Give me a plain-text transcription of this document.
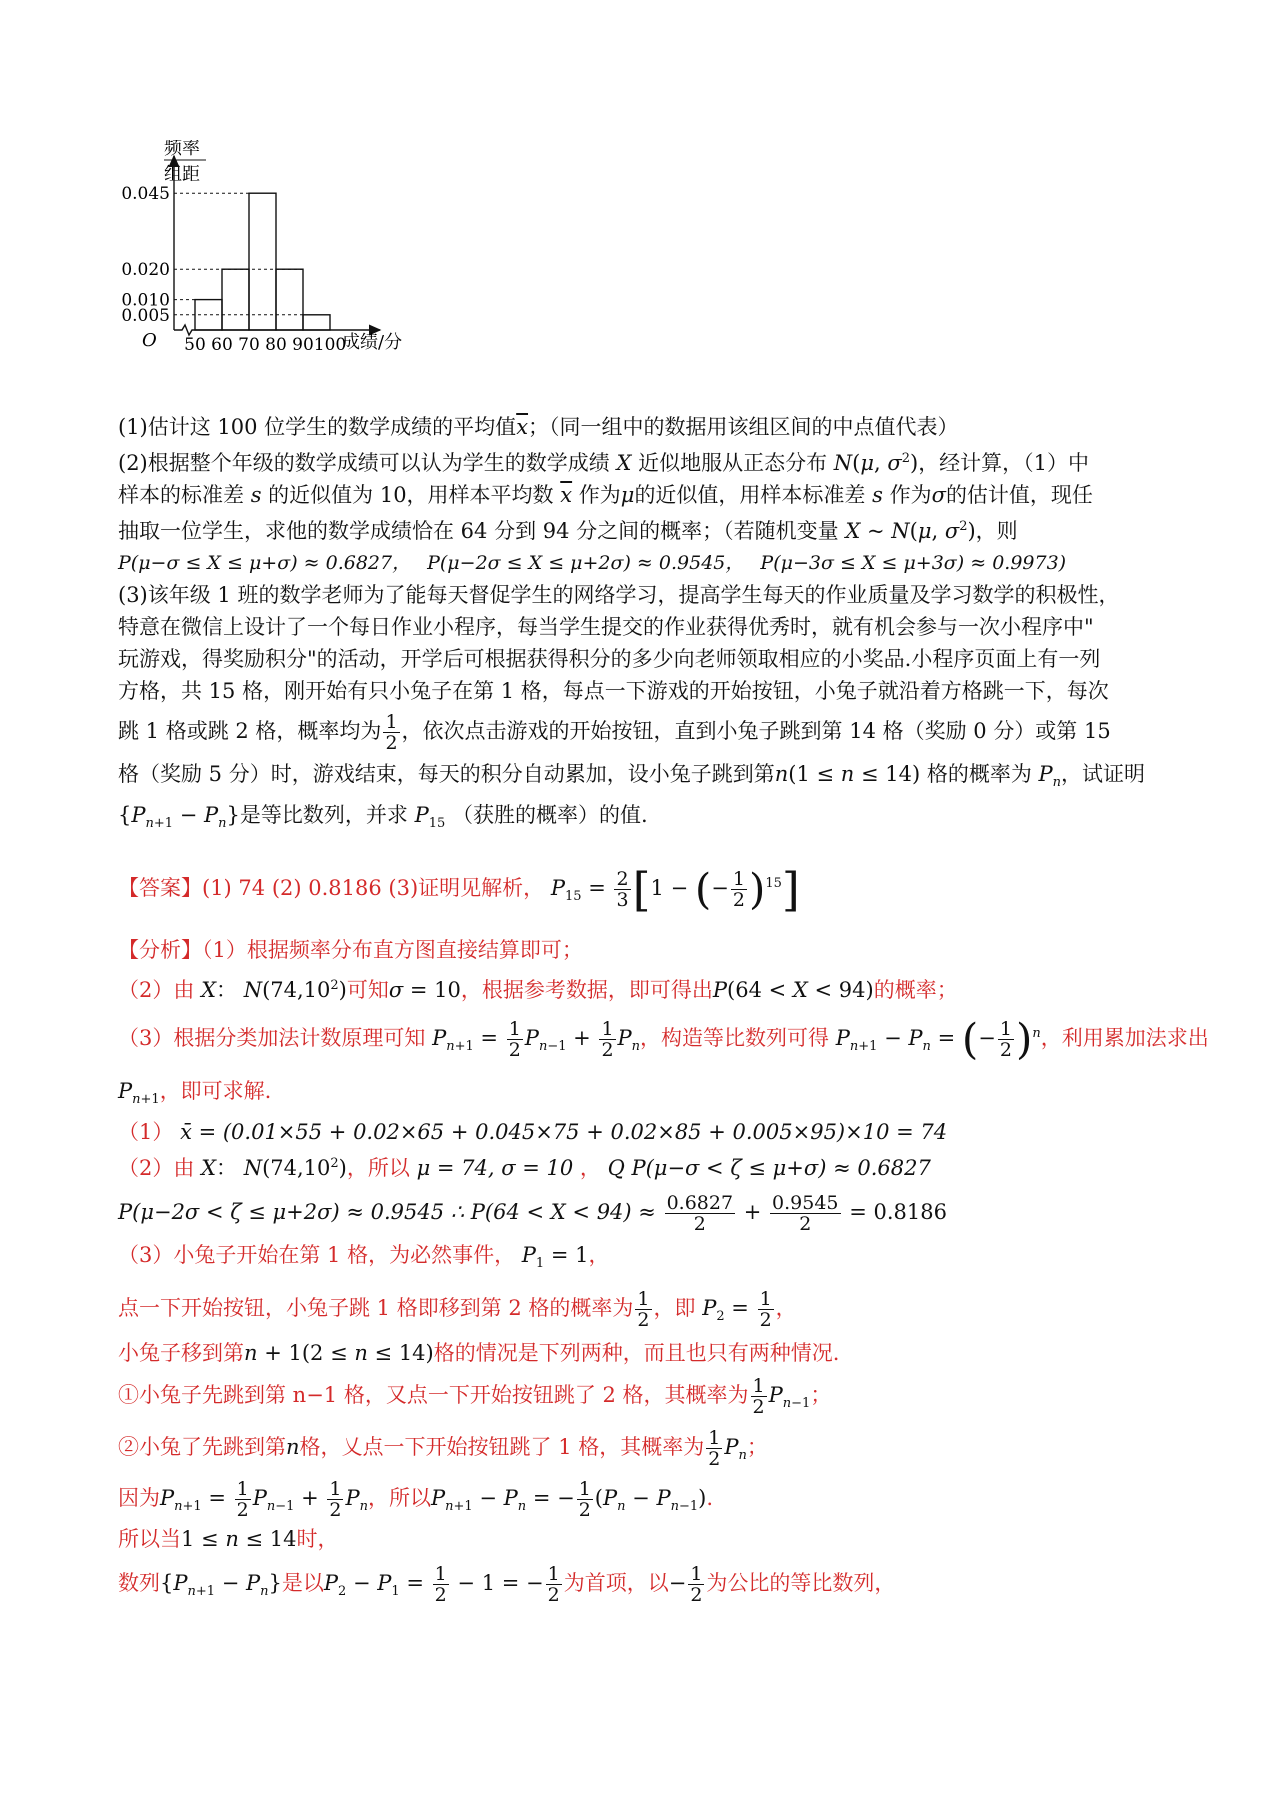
频率
组距
0.045
0.020
0.010
0.005
50 60 70 80 90 100
O	成绩/分
(1)估计这 100 位学生的数学成绩的平均值$\overline{x}$；（同一组中的数据用该组区间的中点值代表）
(2)根据整个年级的数学成绩可以认为学生的数学成绩 X 近似地服从正态分布 N(μ, $\sigma^2$)，经计算，（1）中
样本的标准差 s 的近似值为 10，用样本平均数 $\overline{x}$ 作为μ的近似值，用样本标准差 s 作为σ的估计值，现任
抽取一位学生，求他的数学成绩恰在 64 分到 94 分之间的概率；（若随机变量 X ~ N(μ, $\sigma^2$)，则
P(μ−σ ≤ X ≤ μ+σ) ≈ 0.6827， P(μ−2σ ≤ X ≤ μ+2σ) ≈ 0.9545， P(μ−3σ ≤ X ≤ μ+3σ) ≈ 0.9973)
(3)该年级 1 班的数学老师为了能每天督促学生的网络学习，提高学生每天的作业质量及学习数学的积极性，
特意在微信上设计了一个每日作业小程序，每当学生提交的作业获得优秀时，就有机会参与一次小程序中"
玩游戏，得奖励积分"的活动，开学后可根据获得积分的多少向老师领取相应的小奖品.小程序页面上有一列
方格，共 15 格，刚开始有只小兔子在第 1 格，每点一下游戏的开始按钮，小兔子就沿着方格跳一下，每次
跳 1 格或跳 2 格，概率均为 $\frac{1}{2}$ ，依次点击游戏的开始按钮，直到小兔子跳到第 14 格（奖励 0 分）或第 15
格（奖励 5 分）时，游戏结束，每天的积分自动累加，设小兔子跳到第n(1 ≤ n ≤ 14) 格的概率为 $P_n$，试证明
$\{P_{n+1} - P_n\}$是等比数列，并求 $P_{15}$ （获胜的概率）的值.
【答案】(1) 74 (2) 0.8186 (3)证明见解析， $P_{15} = \frac{2}{3} [1$ − (− $\frac{1}{2} )^{15}$]
【分析】（1）根据频率分布直方图直接结算即可；
（2）由 X： N(74,10$^2$)可知σ = 10，根据参考数据，即可得出P(64 < X < 94)的概率；
（3）根据分类加法计数原理可知 $P_{n+1} = \frac{1}{2} P_{n-1} + \frac{1}{2} P_n$，构造等比数列可得 $P_{n+1} - P_n$ = (− $\frac{1}{2} )^n$，利用累加法求出
$P_{n+1}$，即可求解.
（1） x̄ = (0.01×55 + 0.02×65 + 0.045×75 + 0.02×85 + 0.005×95)×10 = 74
（2）由 X： N(74,10$^2$)，所以 μ = 74, σ = 10 ， Q P(μ−σ < ζ ≤ μ+σ) ≈ 0.6827
P(μ−2σ < ζ ≤ μ+2σ) ≈ 0.9545 ∴ $P(64 < X < 94) \approx \frac{0.6827}{2} + \frac{0.9545}{2} = 0.8186$
（3）小兔子开始在第 1 格，为必然事件， $P_1 = 1$，
点一下开始按钮，小兔子跳 1 格即移到第 2 格的概率为 $\frac{1}{2}$ ，即 $P_2 = \frac{1}{2}$ ，
小兔子移到第n + 1(2 ≤ n ≤ 14)格的情况是下列两种，而且也只有两种情况.
①小兔子先跳到第 n−1 格，又点一下开始按钮跳了 2 格，其概率为 $\frac{1}{2} P_{n-1}$；
②小兔了先跳到第n格，乂点一下开始按钮跳了 1 格，其概率为 $\frac{1}{2} P_n$；
因为$P_{n+1} = \frac{1}{2} P_{n-1} + \frac{1}{2} P_n$，所以$P_{n+1} - P_n$ = − $\frac{1}{2} (P_n - P_{n-1})$.
所以当1 ≤ n ≤ 14时，
数列$\{P_{n+1} - P_n\}$是以$P_2 - P_1 = \frac{1}{2} - 1$ = − $\frac{1}{2}$ 为首项，以− $\frac{1}{2}$ 为公比的等比数列，
